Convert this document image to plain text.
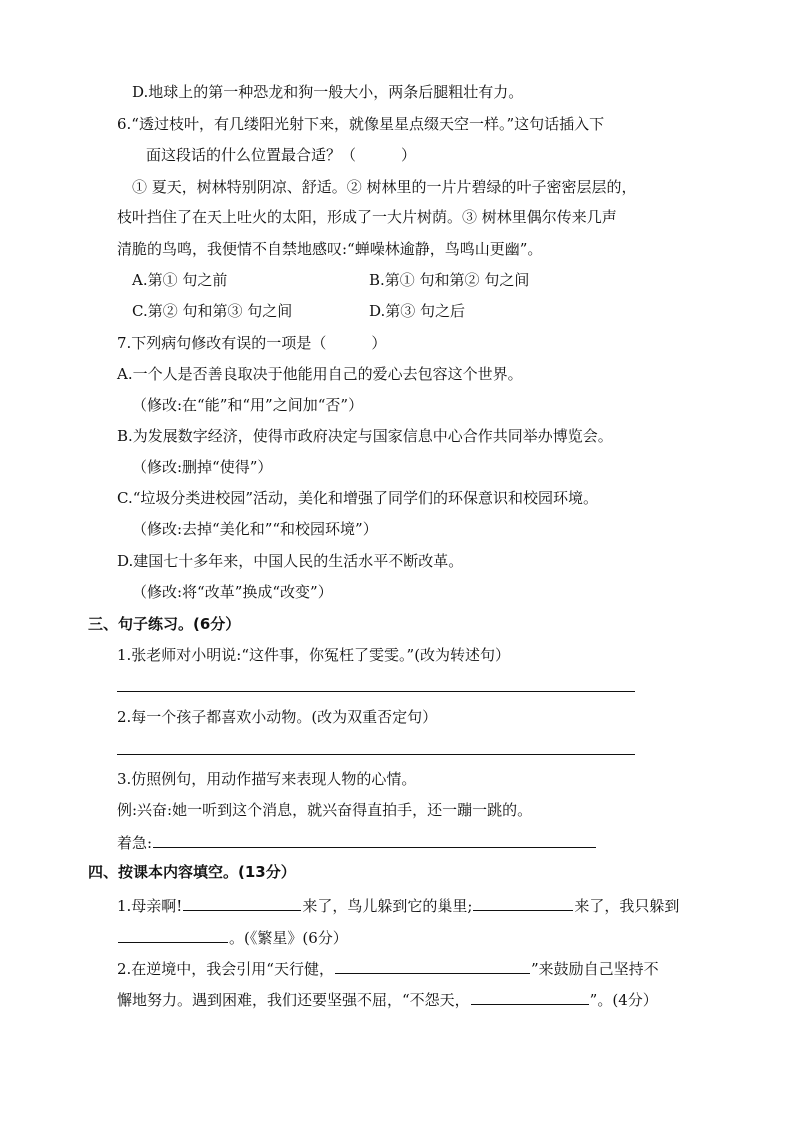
D.地球上的第一种恐龙和狗一般大小，两条后腿粗壮有力。
6.“透过枝叶，有几缕阳光射下来，就像星星点缀天空一样。”这句话插入下
面这段话的什么位置最合适？（　　　）
① 夏天，树林特别阴凉、舒适。② 树林里的一片片碧绿的叶子密密层层的，
枝叶挡住了在天上吐火的太阳，形成了一大片树荫。③ 树林里偶尔传来几声
清脆的鸟鸣，我便情不自禁地感叹:“蝉噪林逾静，鸟鸣山更幽”。
A.第① 句之前	B.第① 句和第② 句之间
C.第② 句和第③ 句之间	D.第③ 句之后
7.下列病句修改有误的一项是（　　　）
A.一个人是否善良取决于他能用自己的爱心去包容这个世界。
（修改:在“能”和“用”之间加“否”）
B.为发展数字经济，使得市政府决定与国家信息中心合作共同举办博览会。
（修改:删掉“使得”）
C.“垃圾分类进校园”活动，美化和增强了同学们的环保意识和校园环境。
（修改:去掉“美化和”“和校园环境”）
D.建国七十多年来，中国人民的生活水平不断改革。
（修改:将“改革”换成“改变”）
三、句子练习。(6分）
1.张老师对小明说:“这件事，你冤枉了雯雯。”(改为转述句）
2.每一个孩子都喜欢小动物。(改为双重否定句）
3.仿照例句，用动作描写来表现人物的心情。
例:兴奋:她一听到这个消息，就兴奋得直拍手，还一蹦一跳的。
着急:
四、按课本内容填空。(13分）
1.母亲啊!	来了，鸟儿躲到它的巢里;	来了，我只躲到
。(《繁星》(6分）
2.在逆境中，我会引用“天行健，	”来鼓励自己坚持不
懈地努力。遇到困难，我们还要坚强不屈，“不怨天，	”。(4分）
